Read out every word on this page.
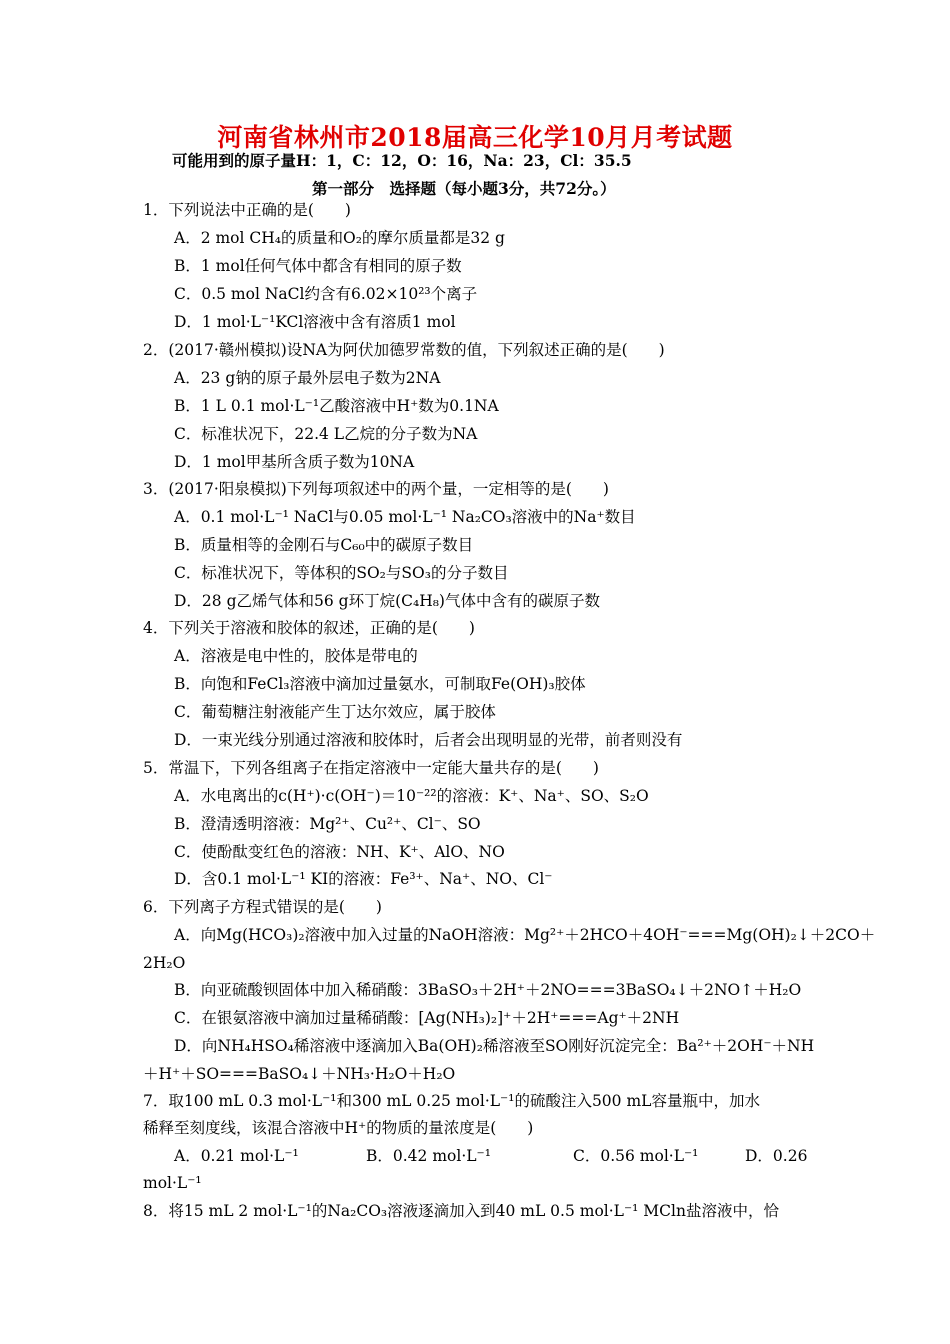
河南省林州市2018届高三化学10月月考试题
可能用到的原子量H：1，C：12，O：16，Na：23，Cl：35.5
第一部分　选择题（每小题3分，共72分。）
1．下列说法中正确的是(　　)
A．2 mol CH₄的质量和O₂的摩尔质量都是32 g
B．1 mol任何气体中都含有相同的原子数
C．0.5 mol NaCl约含有6.02×10²³个离子
D．1 mol·L⁻¹KCl溶液中含有溶质1 mol
2．(2017·赣州模拟)设NA为阿伏加德罗常数的值，下列叙述正确的是(　　)
A．23 g钠的原子最外层电子数为2NA
B．1 L 0.1 mol·L⁻¹乙酸溶液中H⁺数为0.1NA
C．标准状况下，22.4 L乙烷的分子数为NA
D．1 mol甲基所含质子数为10NA
3．(2017·阳泉模拟)下列每项叙述中的两个量，一定相等的是(　　)
A．0.1 mol·L⁻¹ NaCl与0.05 mol·L⁻¹ Na₂CO₃溶液中的Na⁺数目
B．质量相等的金刚石与C₆₀中的碳原子数目
C．标准状况下，等体积的SO₂与SO₃的分子数目
D．28 g乙烯气体和56 g环丁烷(C₄H₈)气体中含有的碳原子数
4．下列关于溶液和胶体的叙述，正确的是(　　)
A．溶液是电中性的，胶体是带电的
B．向饱和FeCl₃溶液中滴加过量氨水，可制取Fe(OH)₃胶体
C．葡萄糖注射液能产生丁达尔效应，属于胶体
D．一束光线分别通过溶液和胶体时，后者会出现明显的光带，前者则没有
5．常温下，下列各组离子在指定溶液中一定能大量共存的是(　　)
A．水电离出的c(H⁺)·c(OH⁻)＝10⁻²²的溶液：K⁺、Na⁺、SO、S₂O
B．澄清透明溶液：Mg²⁺、Cu²⁺、Cl⁻、SO
C．使酚酞变红色的溶液：NH、K⁺、AlO、NO
D．含0.1 mol·L⁻¹ KI的溶液：Fe³⁺、Na⁺、NO、Cl⁻
6．下列离子方程式错误的是(　　)
A．向Mg(HCO₃)₂溶液中加入过量的NaOH溶液：Mg²⁺＋2HCO＋4OH⁻===Mg(OH)₂↓＋2CO＋
2H₂O
B．向亚硫酸钡固体中加入稀硝酸：3BaSO₃＋2H⁺＋2NO===3BaSO₄↓＋2NO↑＋H₂O
C．在银氨溶液中滴加过量稀硝酸：[Ag(NH₃)₂]⁺＋2H⁺===Ag⁺＋2NH
D．向NH₄HSO₄稀溶液中逐滴加入Ba(OH)₂稀溶液至SO刚好沉淀完全：Ba²⁺＋2OH⁻＋NH
＋H⁺＋SO===BaSO₄↓＋NH₃·H₂O＋H₂O
7．取100 mL 0.3 mol·L⁻¹和300 mL 0.25 mol·L⁻¹的硫酸注入500 mL容量瓶中，加水
稀释至刻度线，该混合溶液中H⁺的物质的量浓度是(　　)
A．0.21 mol·L⁻¹	B．0.42 mol·L⁻¹	C．0.56 mol·L⁻¹	D．0.26
mol·L⁻¹
8．将15 mL 2 mol·L⁻¹的Na₂CO₃溶液逐滴加入到40 mL 0.5 mol·L⁻¹ MCln盐溶液中，恰
